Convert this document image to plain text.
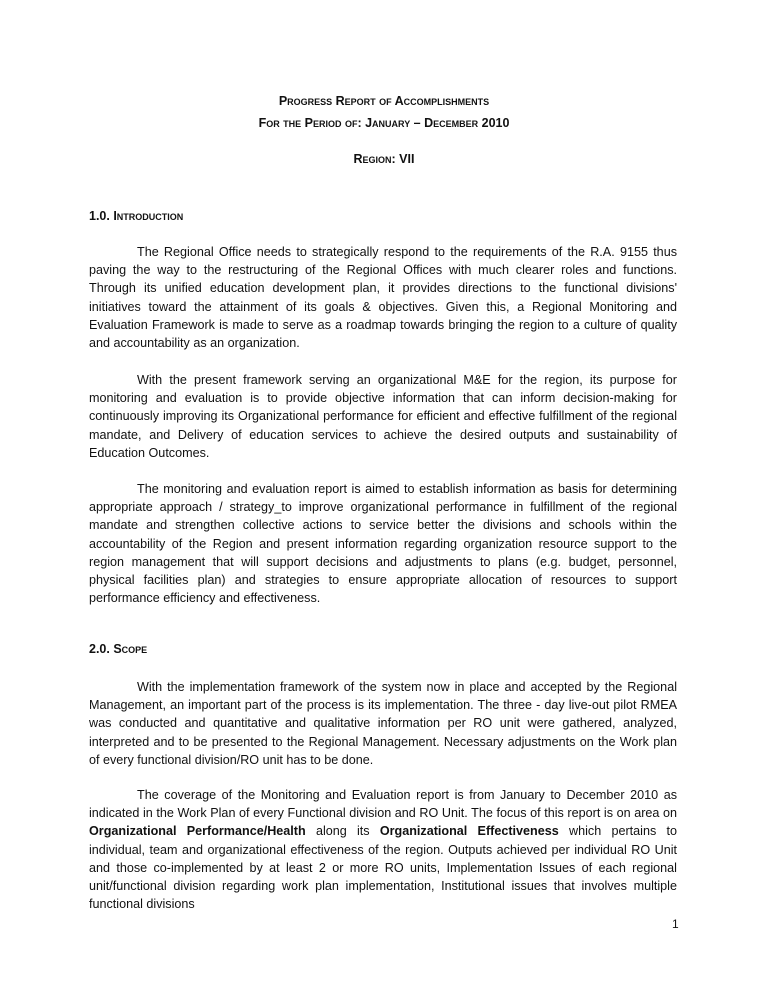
Progress Report of Accomplishments
For the Period of: January – December 2010
Region: VII
1.0. Introduction
The Regional Office needs to strategically respond to the requirements of the R.A. 9155 thus paving the way to the restructuring of the Regional Offices with much clearer roles and functions. Through its unified education development plan, it provides directions to the functional divisions' initiatives toward the attainment of its goals & objectives. Given this, a Regional Monitoring and Evaluation Framework is made to serve as a roadmap towards bringing the region to a culture of quality and accountability as an organization.
With the present framework serving an organizational M&E for the region, its purpose for monitoring and evaluation is to provide objective information that can inform decision-making for continuously improving its Organizational performance for efficient and effective fulfillment of the regional mandate, and Delivery of education services to achieve the desired outputs and sustainability of Education Outcomes.
The monitoring and evaluation report is aimed to establish information as basis for determining appropriate approach / strategy_to improve organizational performance in fulfillment of the regional mandate and strengthen collective actions to service better the divisions and schools within the accountability of the Region and present information regarding organization resource support to the region management that will support decisions and adjustments to plans (e.g. budget, personnel, physical facilities plan) and strategies to ensure appropriate allocation of resources to support performance efficiency and effectiveness.
2.0. Scope
With the implementation framework of the system now in place and accepted by the Regional Management, an important part of the process is its implementation. The three - day live-out pilot RMEA was conducted and quantitative and qualitative information per RO unit were gathered, analyzed, interpreted and to be presented to the Regional Management. Necessary adjustments on the Work plan of every functional division/RO unit has to be done.
The coverage of the Monitoring and Evaluation report is from January to December 2010 as indicated in the Work Plan of every Functional division and RO Unit. The focus of this report is on area on Organizational Performance/Health along its Organizational Effectiveness which pertains to individual, team and organizational effectiveness of the region. Outputs achieved per individual RO Unit and those co-implemented by at least 2 or more RO units, Implementation Issues of each regional unit/functional division regarding work plan implementation, Institutional issues that involves multiple functional divisions
1
